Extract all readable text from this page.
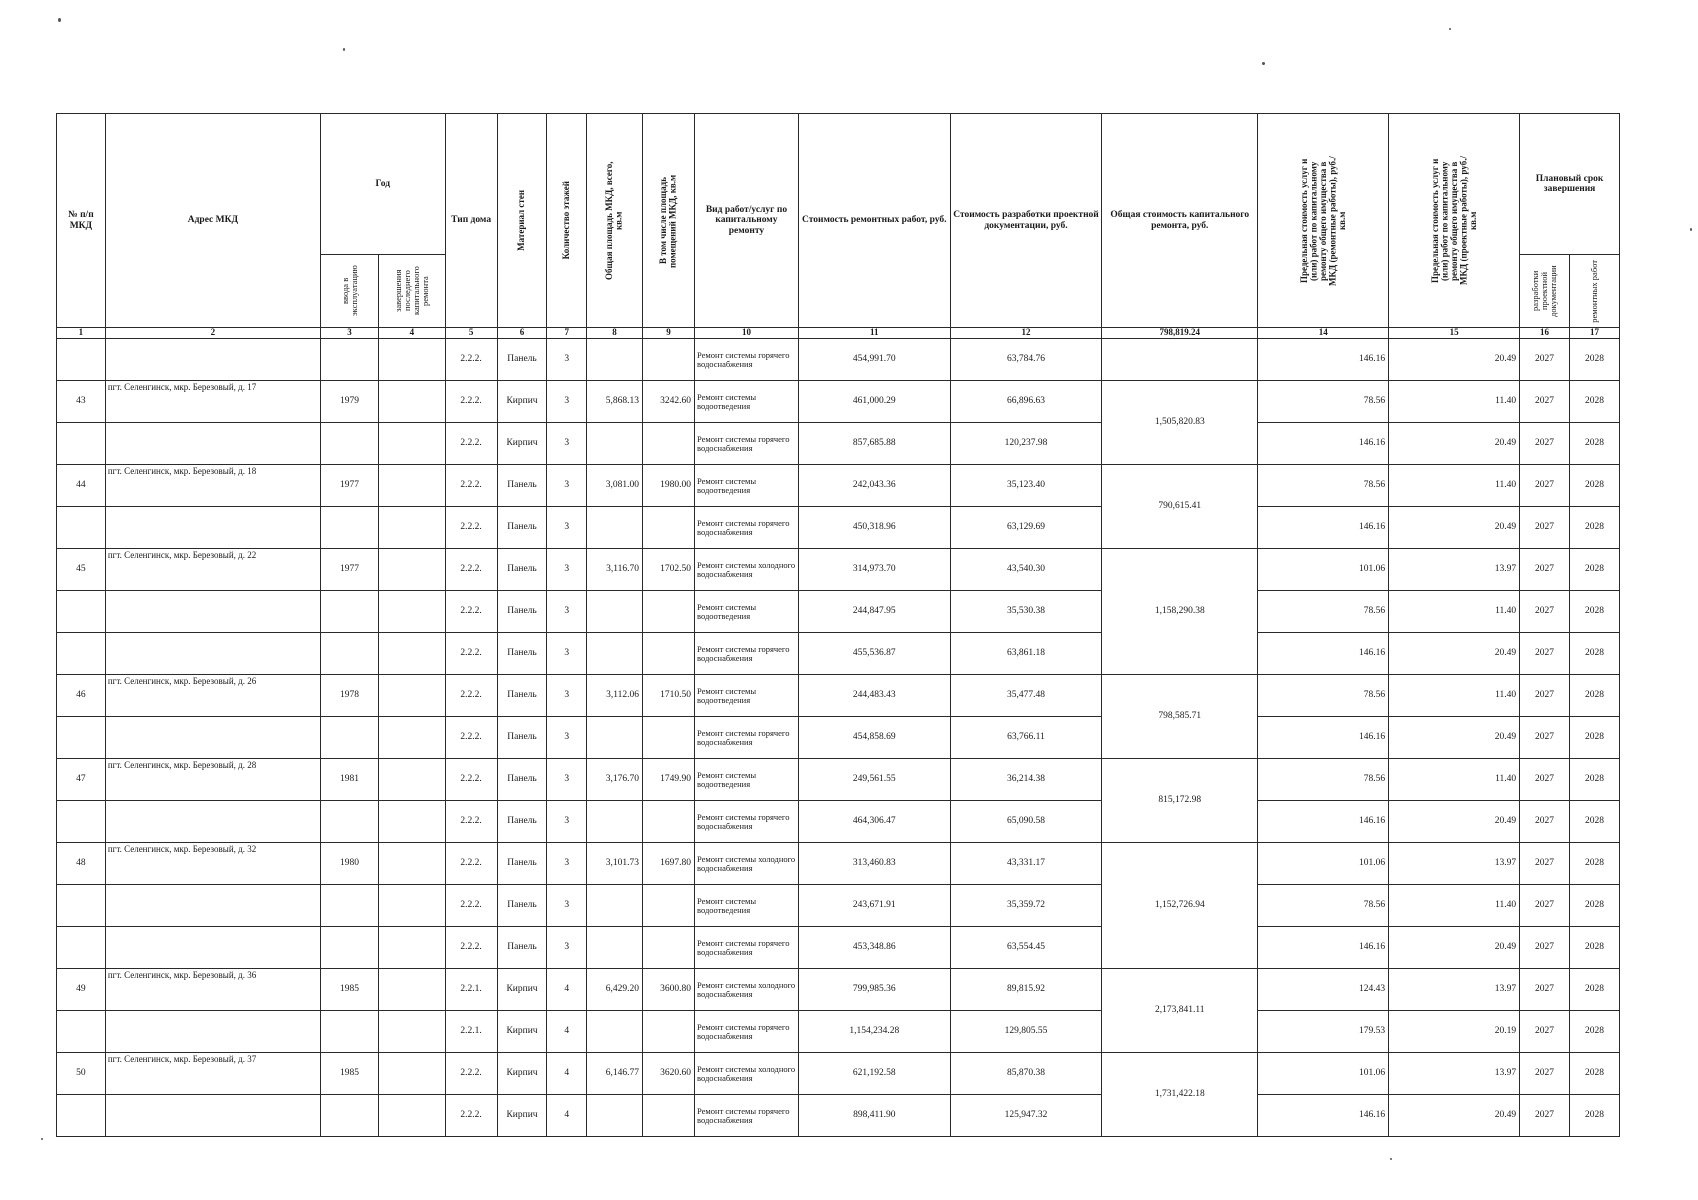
№ п/п МКД	Адрес МКД	Год		Тип дома	Материал стен	Количество этажей	Общая площадь МКД, всего, кв.м	В том числе площадь помещений МКД, кв.м	Вид работ/услуг по капитальному ремонту	Стоимость ремонтных работ, руб.	Стоимость разработки проектной документации, руб.	Общая стоимость капитального ремонта, руб.	Предельная стоимость услуг и (или) работ по капитальному ремонту общего имущества в МКД (ремонтные работы), руб./кв.м	Предельная стоимость услуг и (или) работ по капитальному ремонту общего имущества в МКД (проектные работы), руб./кв.м	Плановый срок завершения	

		ввода в эксплуатацию	завершения последнего капитального ремонта												разработки проектной документации	ремонтных работ

1	2	3	4	5	6	7	8	9	10	11	12	798,819.24	14	15	16	17
				2.2.2.	Панель	3			Ремонт системы горячего водоснабжения	454,991.70	63,784.76		146.16	20.49	2027	2028
43	пгт. Селенгинск, мкр. Березовый, д. 17	1979		2.2.2.	Кирпич	3	5,868.13	3242.60	Ремонт системы водоотведения	461,000.29	66,896.63	1,505,820.83	78.56	11.40	2027	2028
				2.2.2.	Кирпич	3			Ремонт системы горячего водоснабжения	857,685.88	120,237.98		146.16	20.49	2027	2028
44	пгт. Селенгинск, мкр. Березовый, д. 18	1977		2.2.2.	Панель	3	3,081.00	1980.00	Ремонт системы водоотведения	242,043.36	35,123.40	790,615.41	78.56	11.40	2027	2028
				2.2.2.	Панель	3			Ремонт системы горячего водоснабжения	450,318.96	63,129.69		146.16	20.49	2027	2028
45	пгт. Селенгинск, мкр. Березовый, д. 22	1977		2.2.2.	Панель	3	3,116.70	1702.50	Ремонт системы холодного водоснабжения	314,973.70	43,540.30	1,158,290.38	101.06	13.97	2027	2028
				2.2.2.	Панель	3			Ремонт системы водоотведения	244,847.95	35,530.38		78.56	11.40	2027	2028
				2.2.2.	Панель	3			Ремонт системы горячего водоснабжения	455,536.87	63,861.18		146.16	20.49	2027	2028
46	пгт. Селенгинск, мкр. Березовый, д. 26	1978		2.2.2.	Панель	3	3,112.06	1710.50	Ремонт системы водоотведения	244,483.43	35,477.48	798,585.71	78.56	11.40	2027	2028
				2.2.2.	Панель	3			Ремонт системы горячего водоснабжения	454,858.69	63,766.11		146.16	20.49	2027	2028
47	пгт. Селенгинск, мкр. Березовый, д. 28	1981		2.2.2.	Панель	3	3,176.70	1749.90	Ремонт системы водоотведения	249,561.55	36,214.38	815,172.98	78.56	11.40	2027	2028
				2.2.2.	Панель	3			Ремонт системы горячего водоснабжения	464,306.47	65,090.58		146.16	20.49	2027	2028
48	пгт. Селенгинск, мкр. Березовый, д. 32	1980		2.2.2.	Панель	3	3,101.73	1697.80	Ремонт системы холодного водоснабжения	313,460.83	43,331.17	1,152,726.94	101.06	13.97	2027	2028
				2.2.2.	Панель	3			Ремонт системы водоотведения	243,671.91	35,359.72		78.56	11.40	2027	2028
				2.2.2.	Панель	3			Ремонт системы горячего водоснабжения	453,348.86	63,554.45		146.16	20.49	2027	2028
49	пгт. Селенгинск, мкр. Березовый, д. 36	1985		2.2.1.	Кирпич	4	6,429.20	3600.80	Ремонт системы холодного водоснабжения	799,985.36	89,815.92	2,173,841.11	124.43	13.97	2027	2028
				2.2.1.	Кирпич	4			Ремонт системы горячего водоснабжения	1,154,234.28	129,805.55		179.53	20.19	2027	2028
50	пгт. Селенгинск, мкр. Березовый, д. 37	1985		2.2.2.	Кирпич	4	6,146.77	3620.60	Ремонт системы холодного водоснабжения	621,192.58	85,870.38	1,731,422.18	101.06	13.97	2027	2028
				2.2.2.	Кирпич	4			Ремонт системы горячего водоснабжения	898,411.90	125,947.32		146.16	20.49	2027	2028
